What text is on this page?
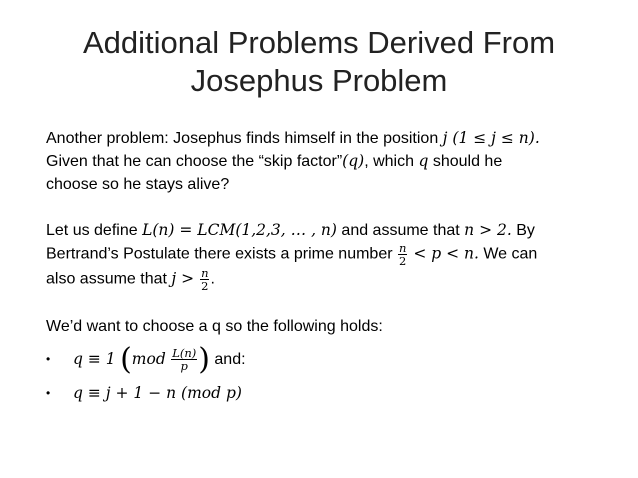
Additional Problems Derived From
Josephus Problem

Another problem: Josephus finds himself in the position j (1 ≤ j ≤ n).
Given that he can choose the “skip factor”(q), which q should he
choose so he stays alive?

Let us define L(n) = LCM(1,2,3, … , n) and assume that n > 2. By
Bertrand’s Postulate there exists a prime number $\frac{n}{2} < p < n$. We can
also assume that $j > \frac{n}{2}$ .

We’d want to choose a q so the following holds:

• q ≡ 1 ($mod \frac{L(n)}{p}$ ) and:
• q ≡ j + 1 − n (mod p)
